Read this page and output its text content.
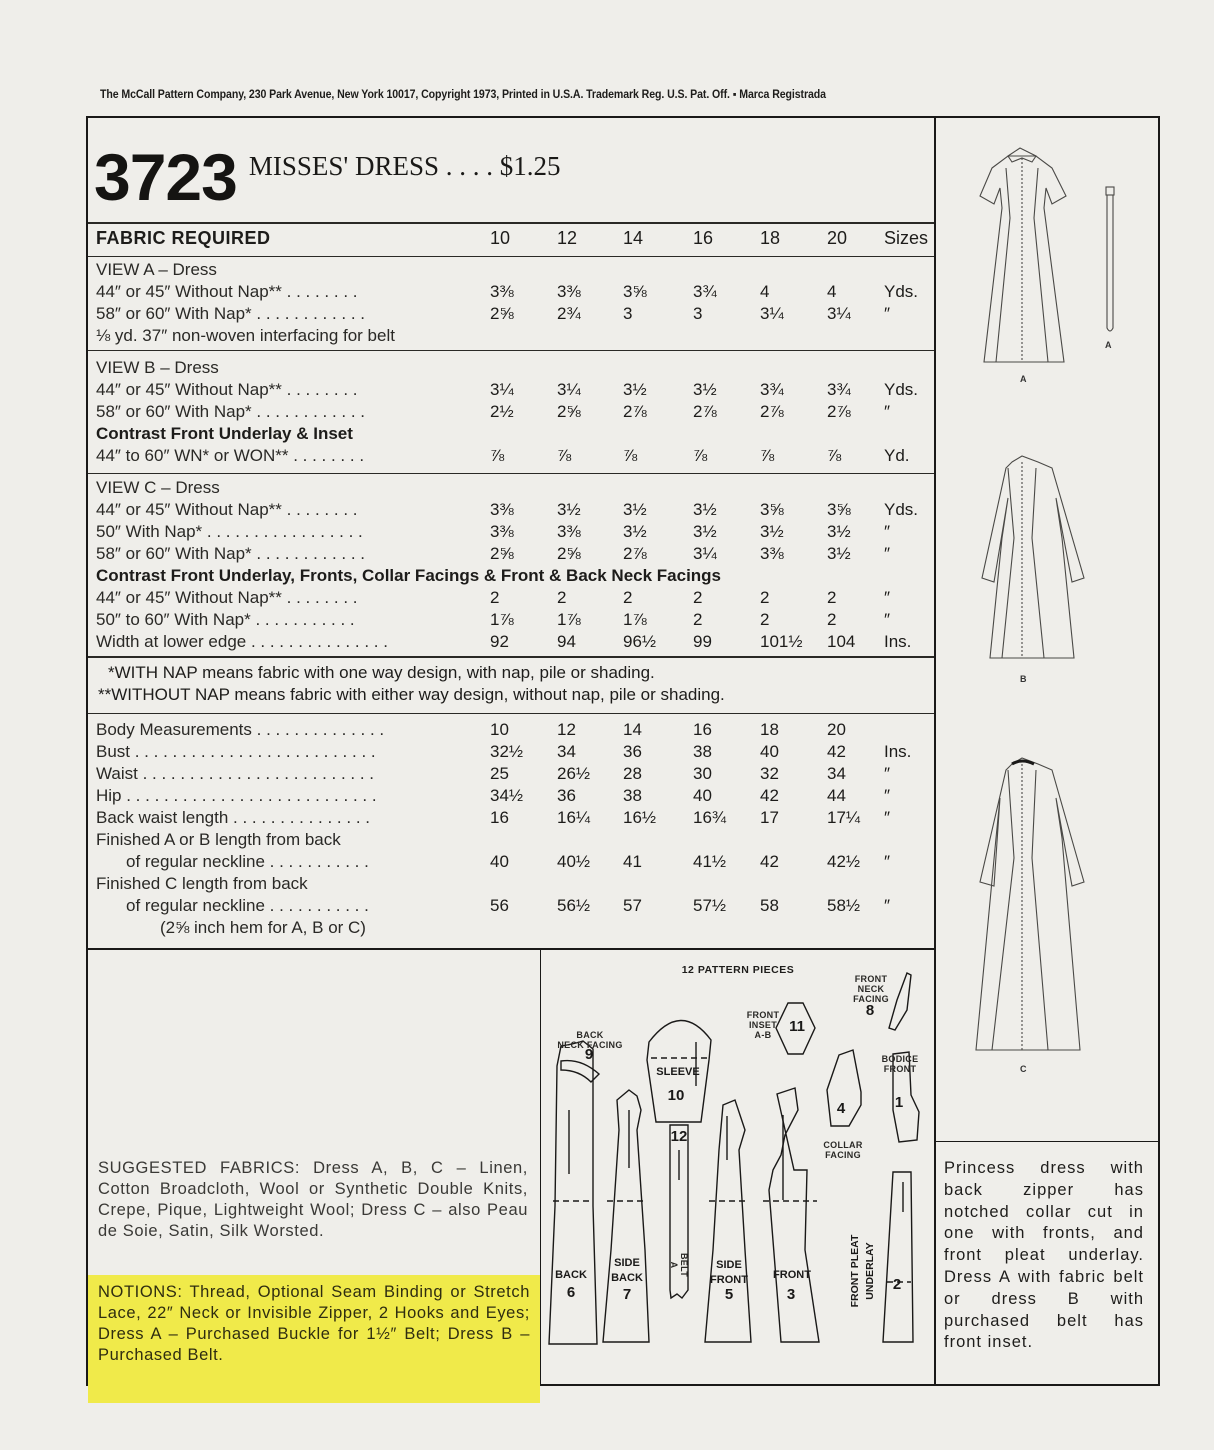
The McCall Pattern Company, 230 Park Avenue, New York 10017, Copyright 1973, Printed in U.S.A. Trademark Reg. U.S. Pat. Off. ▪ Marca Registrada
3723 MISSES' DRESS . . . . $1.25
FABRIC REQUIRED	10	12	14	16	18	20	Sizes
VIEW A – Dress
44″ or 45″ Without Nap** . . . . . . . .	3⅜	3⅜	3⅝	3¾	4	4	Yds.
58″ or 60″ With Nap* . . . . . . . . . . . .	2⅝	2¾	3	3	3¼	3¼	″
⅛ yd. 37″ non-woven interfacing for belt
VIEW B – Dress
44″ or 45″ Without Nap** . . . . . . . .	3¼	3¼	3½	3½	3¾	3¾	Yds.
58″ or 60″ With Nap* . . . . . . . . . . . .	2½	2⅝	2⅞	2⅞	2⅞	2⅞	″
Contrast Front Underlay & Inset
44″ to 60″ WN* or WON** . . . . . . . .	⅞	⅞	⅞	⅞	⅞	⅞	Yd.
VIEW C – Dress
44″ or 45″ Without Nap** . . . . . . . .	3⅜	3½	3½	3½	3⅝	3⅝	Yds.
50″ With Nap* . . . . . . . . . . . . . . . . .	3⅜	3⅜	3½	3½	3½	3½	″
58″ or 60″ With Nap* . . . . . . . . . . . .	2⅝	2⅝	2⅞	3¼	3⅜	3½	″
Contrast Front Underlay, Fronts, Collar Facings & Front & Back Neck Facings
44″ or 45″ Without Nap** . . . . . . . .	2	2	2	2	2	2	″
50″ to 60″ With Nap* . . . . . . . . . . .	1⅞	1⅞	1⅞	2	2	2	″
Width at lower edge . . . . . . . . . . . . . . .	92	94	96½	99	101½	104	Ins.
*WITH NAP means fabric with one way design, with nap, pile or shading.
**WITHOUT NAP means fabric with either way design, without nap, pile or shading.
Body Measurements . . . . . . . . . . . . . .	10	12	14	16	18	20
Bust . . . . . . . . . . . . . . . . . . . . . . . . . .	32½	34	36	38	40	42	Ins.
Waist . . . . . . . . . . . . . . . . . . . . . . . . .	25	26½	28	30	32	34	″
Hip . . . . . . . . . . . . . . . . . . . . . . . . . . .	34½	36	38	40	42	44	″
Back waist length . . . . . . . . . . . . . . .	16	16¼	16½	16¾	17	17¼	″
Finished A or B length from back
of regular neckline . . . . . . . . . . .	40	40½	41	41½	42	42½	″
Finished C length from back
of regular neckline . . . . . . . . . . .	56	56½	57	57½	58	58½	″
(2⅝ inch hem for A, B or C)
SUGGESTED FABRICS: Dress A, B, C – Linen, Cotton Broadcloth, Wool or Synthetic Double Knits, Crepe, Pique, Lightweight Wool; Dress C – also Peau de Soie, Satin, Silk Worsted.
NOTIONS: Thread, Optional Seam Binding or Stretch Lace, 22″ Neck or Invisible Zipper, 2 Hooks and Eyes; Dress A – Purchased Buckle for 1½″ Belt; Dress B – Purchased Belt.
12 PATTERN PIECES
BACK
NECK FACING
9
SLEEVE
10
FRONT
INSET
A-B	11
FRONT
NECK
FACING
8
BODICE
FRONT
1
4
COLLAR
FACING
12
BELT A
BACK
6
SIDE
BACK
7
SIDE
FRONT
5
FRONT
3	FRONT PLEAT UNDERLAY	2
A
A
B
C
Princess dress with back zipper has notched collar cut in one with fronts, and front pleat underlay. Dress A with fabric belt or dress B with purchased belt has front inset.
